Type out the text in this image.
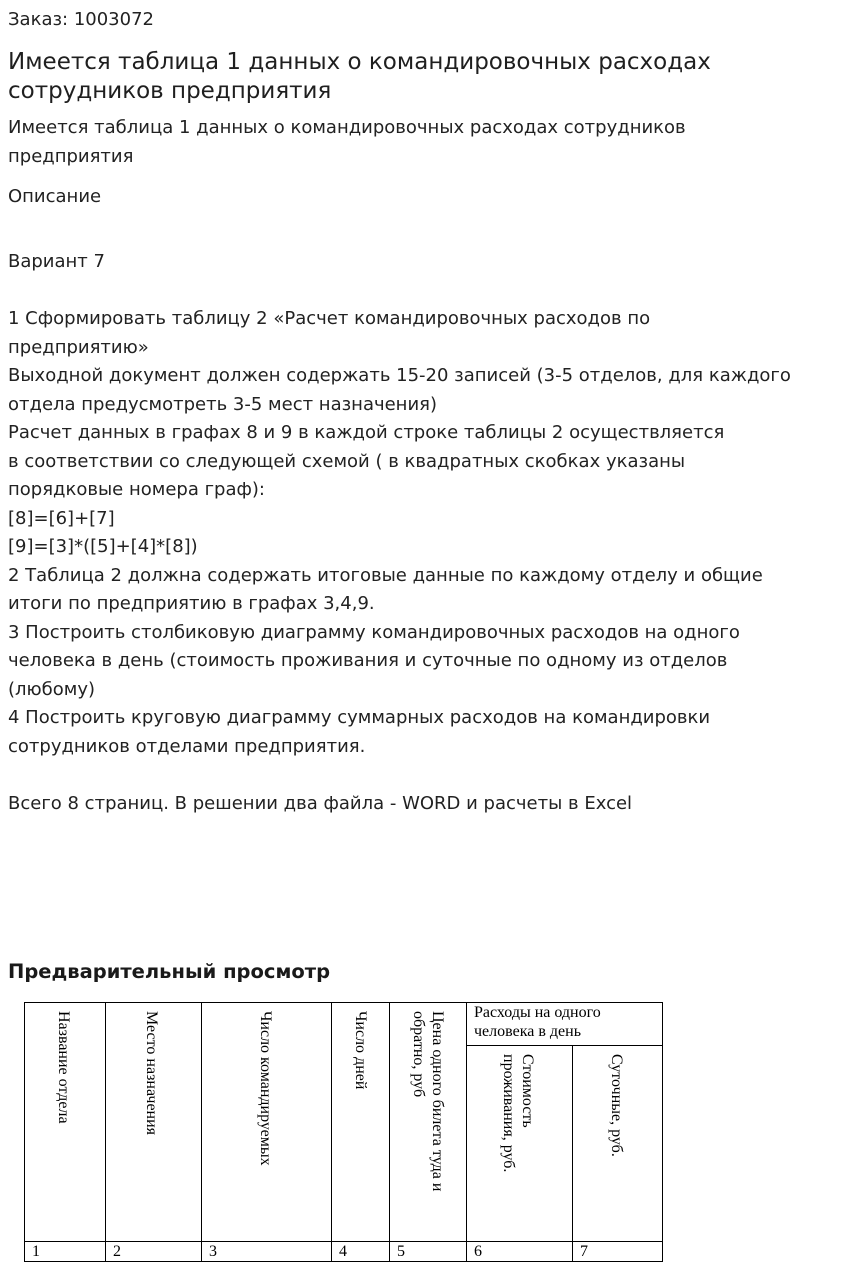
Заказ: 1003072
Имеется таблица 1 данных о командировочных расходах сотрудников предприятия
Имеется таблица 1 данных о командировочных расходах сотрудников предприятия
Описание
Вариант 7
1 Сформировать таблицу 2 «Расчет командировочных расходов по
предприятию»
Выходной документ должен содержать 15-20 записей (3-5 отделов, для каждого
отдела предусмотреть 3-5 мест назначения)
Расчет данных в графах 8 и 9 в каждой строке таблицы 2 осуществляется
в соответствии со следующей схемой ( в квадратных скобках указаны
порядковые номера граф):
[8]=[6]+[7]
[9]=[3]*([5]+[4]*[8])
2 Таблица 2 должна содержать итоговые данные по каждому отделу и общие
итоги по предприятию в графах 3,4,9.
3 Построить столбиковую диаграмму командировочных расходов на одного
человека в день (стоимость проживания и суточные по одному из отделов
(любому)
4 Построить круговую диаграмму суммарных расходов на командировки
сотрудников отделами предприятия.
Всего 8 страниц. В решении два файла - WORD и расчеты в Excel
Предварительный просмотр
Название отдела	Место назначения	Число командируемых	Число дней	Цена одного билета туда и
обратно, руб	Расходы на одного человека в день	

					Стоимость
проживания, руб.	Суточные, руб.

1	2	3	4	5	6	7
